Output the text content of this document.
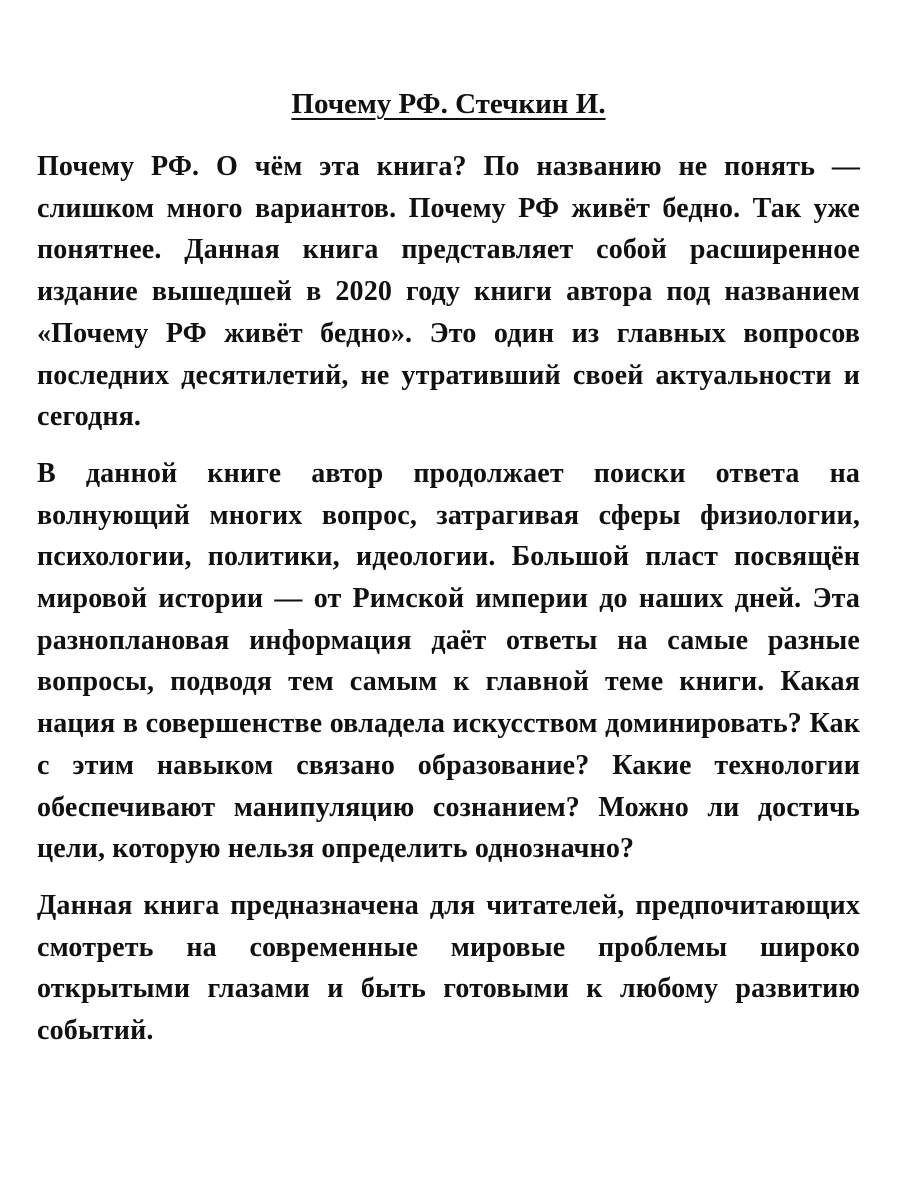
Почему РФ. Стечкин И.

Почему РФ. О чём эта книга? По названию не понять — слишком много вариантов. Почему РФ живёт бедно. Так уже понятнее. Данная книга представляет собой расширенное издание вышедшей в 2020 году книги автора под названием «Почему РФ живёт бедно». Это один из главных вопросов последних десятилетий, не утративший своей актуальности и сегодня.

В данной книге автор продолжает поиски ответа на волнующий многих вопрос, затрагивая сферы физиологии, психологии, политики, идеологии. Большой пласт посвящён мировой истории — от Римской империи до наших дней. Эта разноплановая информация даёт ответы на самые разные вопросы, подводя тем самым к главной теме книги. Какая нация в совершенстве овладела искусством доминировать? Как с этим навыком связано образование? Какие технологии обеспечивают манипуляцию сознанием? Можно ли достичь цели, которую нельзя определить однозначно?

Данная книга предназначена для читателей, предпочитающих смотреть на современные мировые проблемы широко открытыми глазами и быть готовыми к любому развитию событий.
